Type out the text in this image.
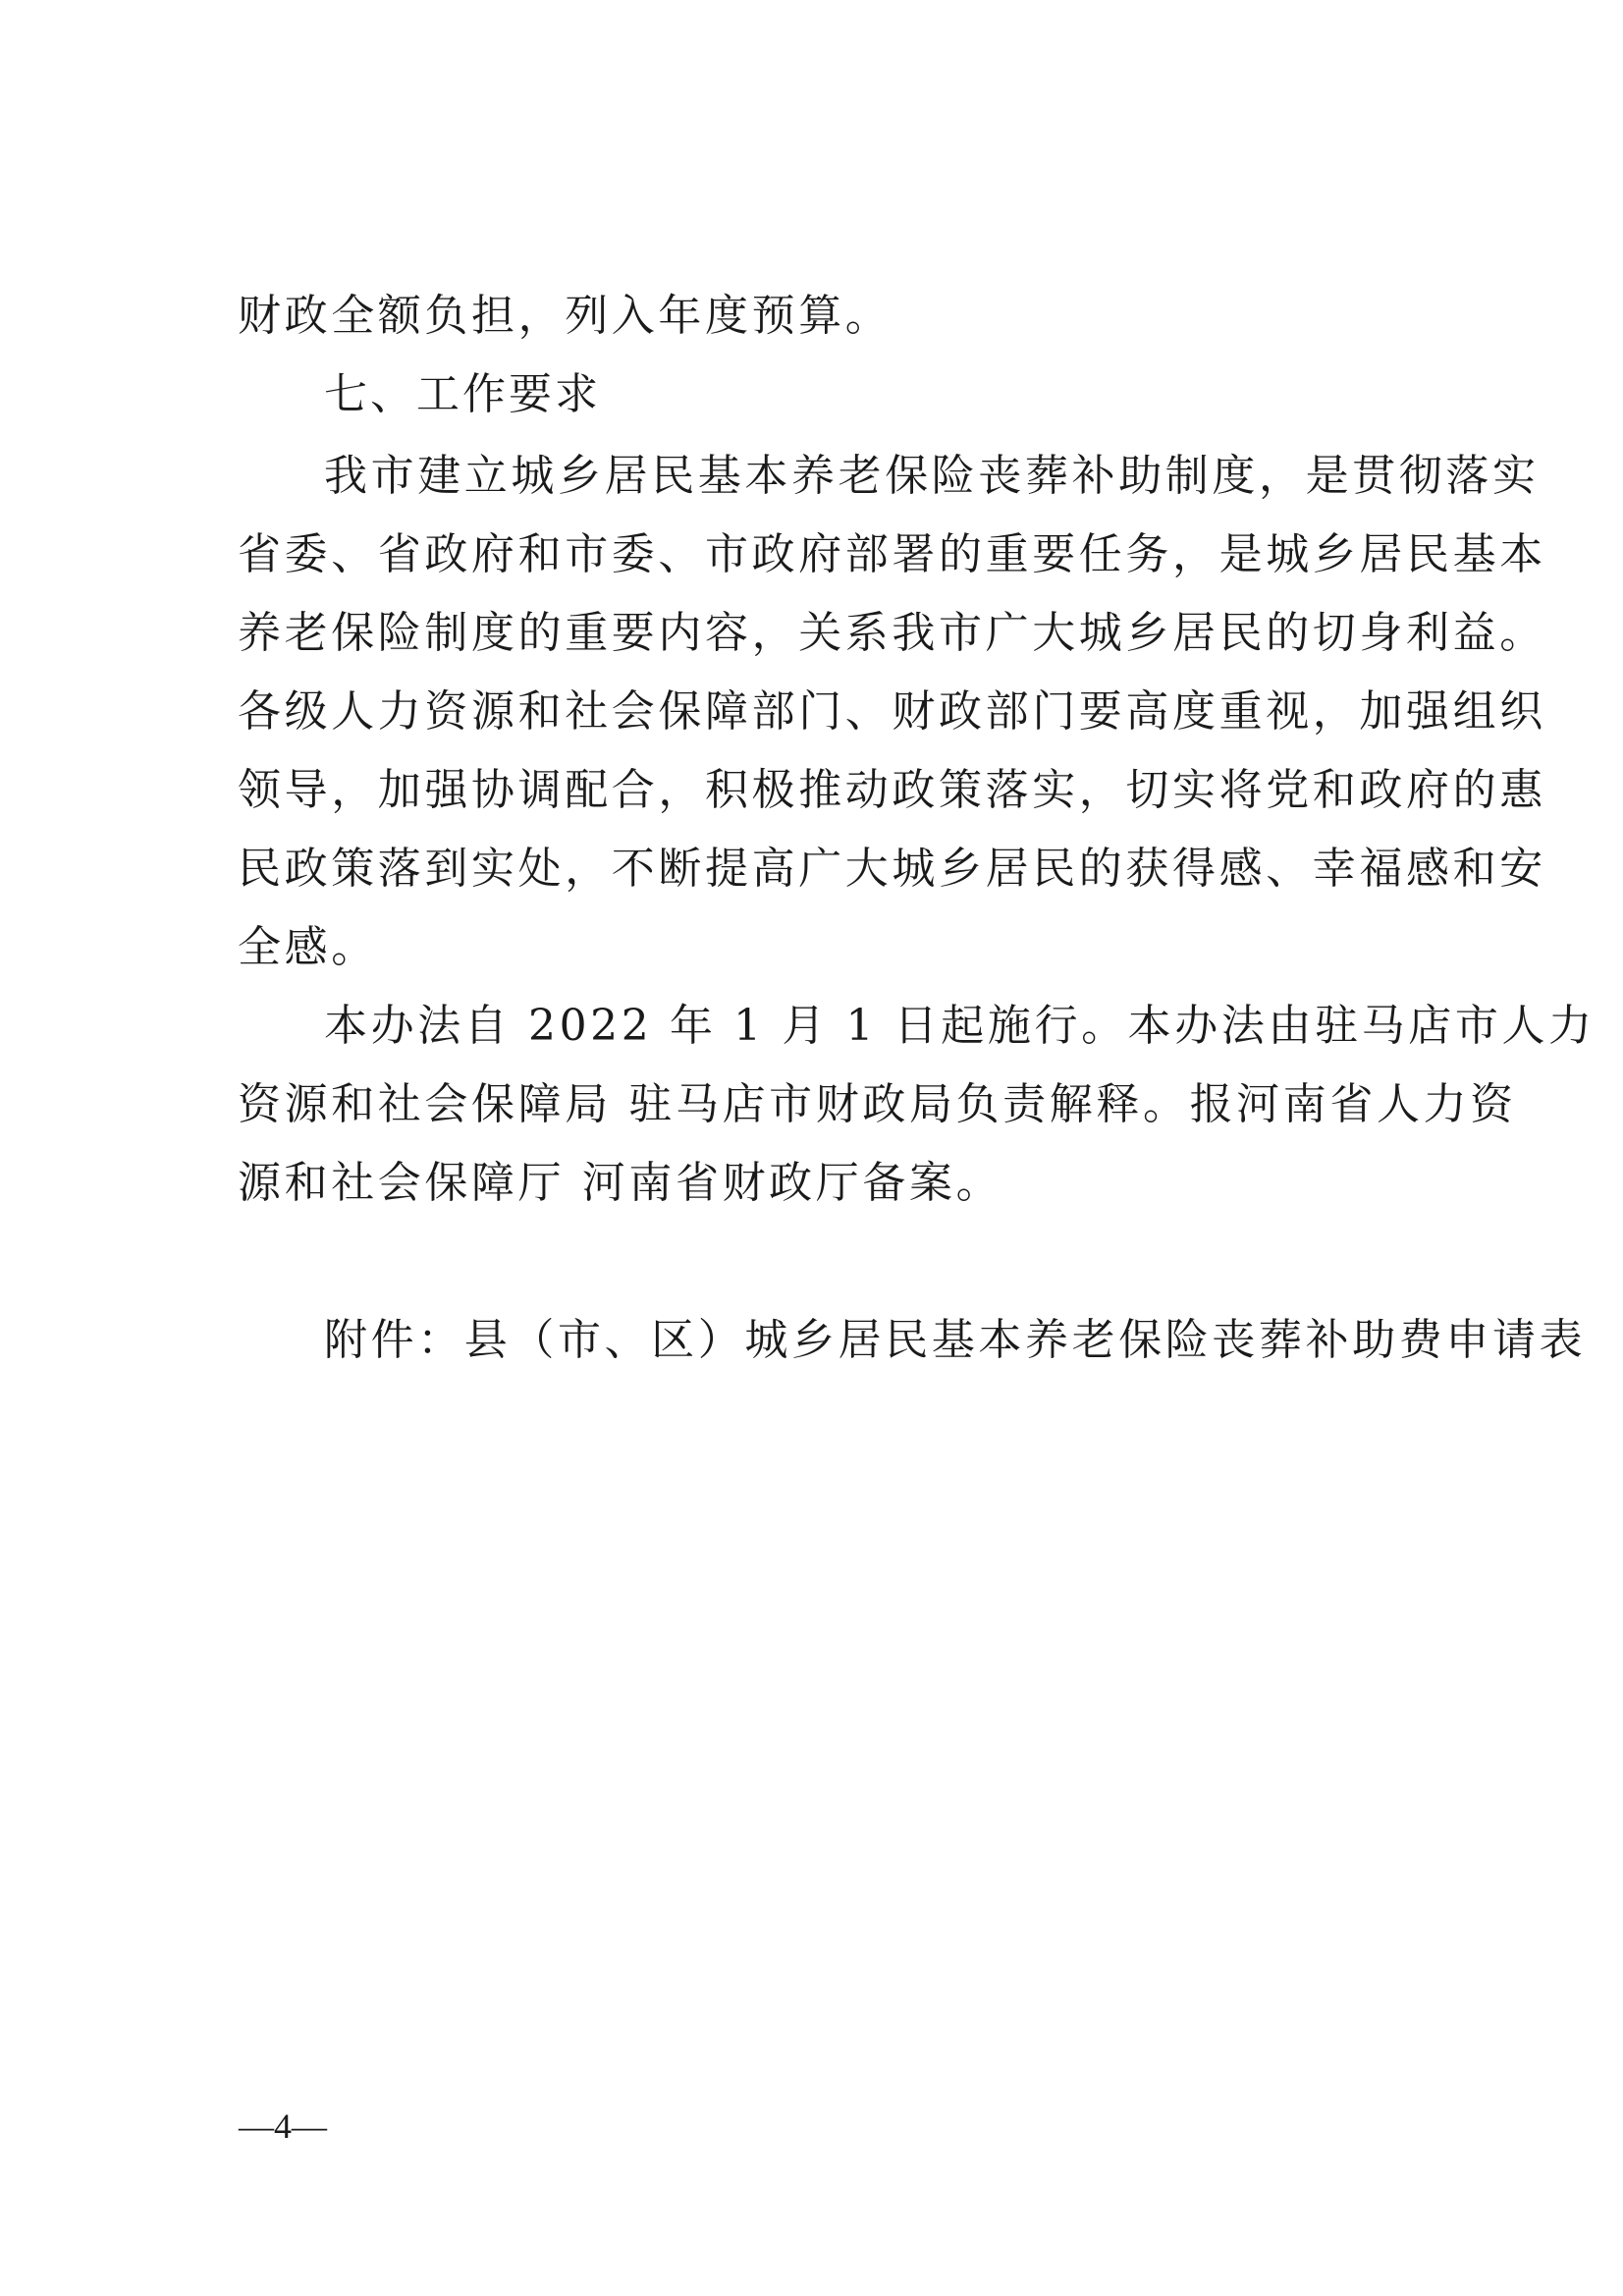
财政全额负担，列入年度预算。
七、工作要求
我市建立城乡居民基本养老保险丧葬补助制度，是贯彻落实
省委、省政府和市委、市政府部署的重要任务，是城乡居民基本
养老保险制度的重要内容，关系我市广大城乡居民的切身利益。
各级人力资源和社会保障部门、财政部门要高度重视，加强组织
领导，加强协调配合，积极推动政策落实，切实将党和政府的惠
民政策落到实处，不断提高广大城乡居民的获得感、幸福感和安
全感。
本办法自 2022 年 1 月 1 日起施行。本办法由驻马店市人力
资源和社会保障局 驻马店市财政局负责解释。报河南省人力资
源和社会保障厅 河南省财政厅备案。
附件：县（市、区）城乡居民基本养老保险丧葬补助费申请表
—4—
